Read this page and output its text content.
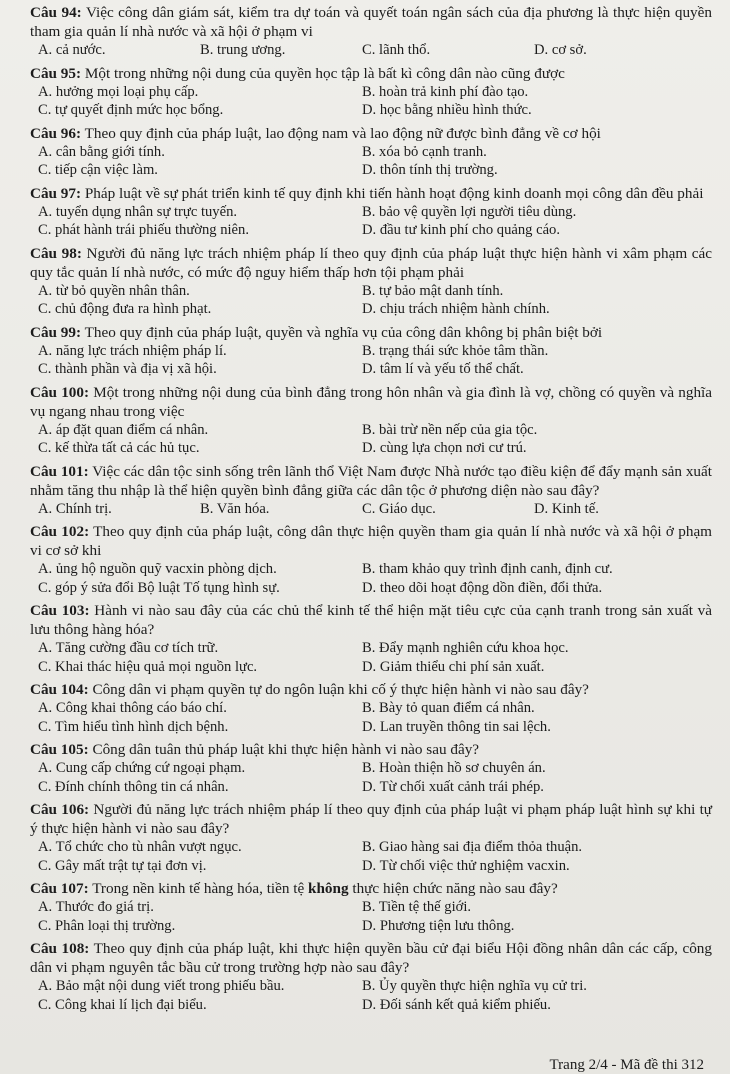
Câu 94: Việc công dân giám sát, kiểm tra dự toán và quyết toán ngân sách của địa phương là thực hiện quyền tham gia quản lí nhà nước và xã hội ở phạm vi
A. cả nước.	B. trung ương.	C. lãnh thổ.	D. cơ sở.
Câu 95: Một trong những nội dung của quyền học tập là bất kì công dân nào cũng được
A. hưởng mọi loại phụ cấp.	B. hoàn trả kinh phí đào tạo.
C. tự quyết định mức học bổng.	D. học bằng nhiều hình thức.
Câu 96: Theo quy định của pháp luật, lao động nam và lao động nữ được bình đẳng về cơ hội
A. cân bằng giới tính.	B. xóa bỏ cạnh tranh.
C. tiếp cận việc làm.	D. thôn tính thị trường.
Câu 97: Pháp luật về sự phát triển kinh tế quy định khi tiến hành hoạt động kinh doanh mọi công dân đều phải
A. tuyển dụng nhân sự trực tuyến.	B. bảo vệ quyền lợi người tiêu dùng.
C. phát hành trái phiếu thường niên.	D. đầu tư kinh phí cho quảng cáo.
Câu 98: Người đủ năng lực trách nhiệm pháp lí theo quy định của pháp luật thực hiện hành vi xâm phạm các quy tắc quản lí nhà nước, có mức độ nguy hiểm thấp hơn tội phạm phải
A. từ bỏ quyền nhân thân.	B. tự bảo mật danh tính.
C. chủ động đưa ra hình phạt.	D. chịu trách nhiệm hành chính.
Câu 99: Theo quy định của pháp luật, quyền và nghĩa vụ của công dân không bị phân biệt bởi
A. năng lực trách nhiệm pháp lí.	B. trạng thái sức khỏe tâm thần.
C. thành phần và địa vị xã hội.	D. tâm lí và yếu tố thể chất.
Câu 100: Một trong những nội dung của bình đẳng trong hôn nhân và gia đình là vợ, chồng có quyền và nghĩa vụ ngang nhau trong việc
A. áp đặt quan điểm cá nhân.	B. bài trừ nền nếp của gia tộc.
C. kế thừa tất cả các hủ tục.	D. cùng lựa chọn nơi cư trú.
Câu 101: Việc các dân tộc sinh sống trên lãnh thổ Việt Nam được Nhà nước tạo điều kiện để đẩy mạnh sản xuất nhằm tăng thu nhập là thể hiện quyền bình đẳng giữa các dân tộc ở phương diện nào sau đây?
A. Chính trị.	B. Văn hóa.	C. Giáo dục.	D. Kinh tế.
Câu 102: Theo quy định của pháp luật, công dân thực hiện quyền tham gia quản lí nhà nước và xã hội ở phạm vi cơ sở khi
A. ủng hộ nguồn quỹ vacxin phòng dịch.	B. tham khảo quy trình định canh, định cư.
C. góp ý sửa đổi Bộ luật Tố tụng hình sự.	D. theo dõi hoạt động dồn điền, đổi thửa.
Câu 103: Hành vi nào sau đây của các chủ thể kinh tế thể hiện mặt tiêu cực của cạnh tranh trong sản xuất và lưu thông hàng hóa?
A. Tăng cường đầu cơ tích trữ.	B. Đẩy mạnh nghiên cứu khoa học.
C. Khai thác hiệu quả mọi nguồn lực.	D. Giảm thiểu chi phí sản xuất.
Câu 104: Công dân vi phạm quyền tự do ngôn luận khi cố ý thực hiện hành vi nào sau đây?
A. Công khai thông cáo báo chí.	B. Bày tỏ quan điểm cá nhân.
C. Tìm hiểu tình hình dịch bệnh.	D. Lan truyền thông tin sai lệch.
Câu 105: Công dân tuân thủ pháp luật khi thực hiện hành vi nào sau đây?
A. Cung cấp chứng cứ ngoại phạm.	B. Hoàn thiện hồ sơ chuyên án.
C. Đính chính thông tin cá nhân.	D. Từ chối xuất cảnh trái phép.
Câu 106: Người đủ năng lực trách nhiệm pháp lí theo quy định của pháp luật vi phạm pháp luật hình sự khi tự ý thực hiện hành vi nào sau đây?
A. Tổ chức cho tù nhân vượt ngục.	B. Giao hàng sai địa điểm thỏa thuận.
C. Gây mất trật tự tại đơn vị.	D. Từ chối việc thử nghiệm vacxin.
Câu 107: Trong nền kinh tế hàng hóa, tiền tệ không thực hiện chức năng nào sau đây?
A. Thước đo giá trị.	B. Tiền tệ thế giới.
C. Phân loại thị trường.	D. Phương tiện lưu thông.
Câu 108: Theo quy định của pháp luật, khi thực hiện quyền bầu cử đại biểu Hội đồng nhân dân các cấp, công dân vi phạm nguyên tắc bầu cử trong trường hợp nào sau đây?
A. Bảo mật nội dung viết trong phiếu bầu.	B. Ủy quyền thực hiện nghĩa vụ cử tri.
C. Công khai lí lịch đại biểu.	D. Đối sánh kết quả kiểm phiếu.
Trang 2/4 - Mã đề thi 312
